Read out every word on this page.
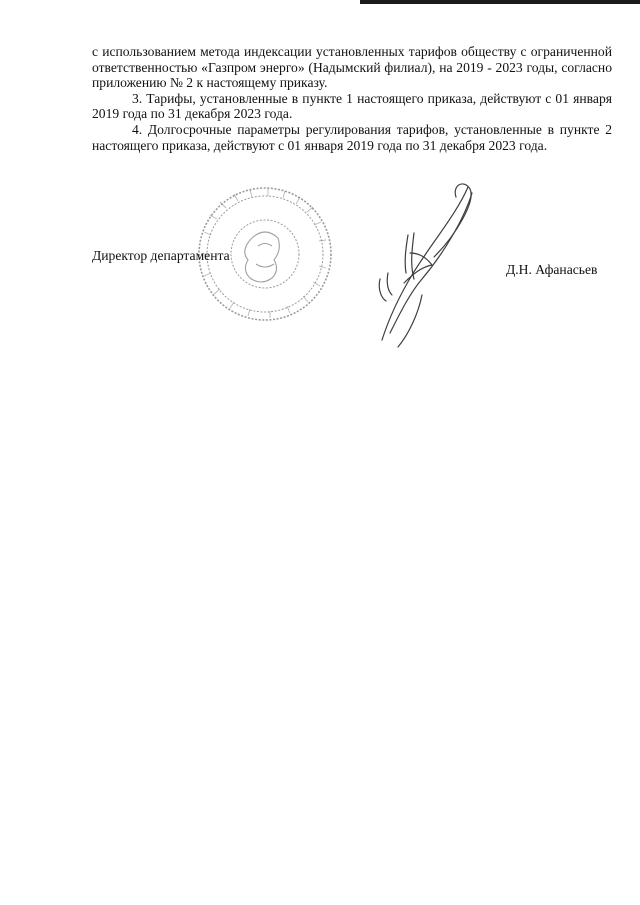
с использованием метода индексации установленных тарифов обществу с ограниченной ответственностью «Газпром энерго» (Надымский филиал), на 2019 - 2023 годы, согласно приложению № 2 к настоящему приказу.

3. Тарифы, установленные в пункте 1 настоящего приказа, действуют с 01 января 2019 года по 31 декабря 2023 года.

4. Долгосрочные параметры регулирования тарифов, установленные в пункте 2 настоящего приказа, действуют с 01 января 2019 года по 31 декабря 2023 года.

Директор департамента
Д.Н. Афанасьев
